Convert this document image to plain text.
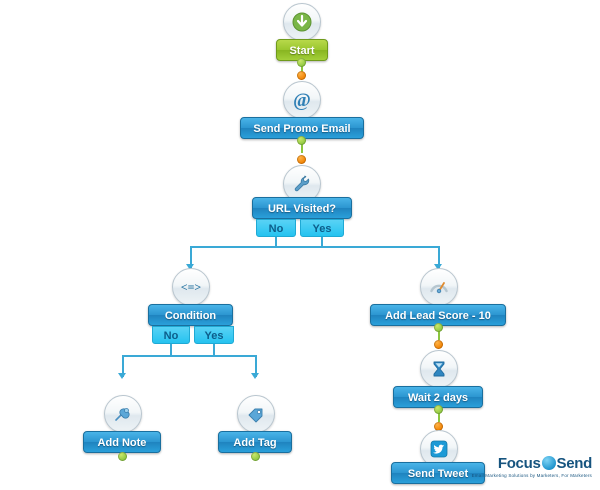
Start
@
Send Promo Email
URL Visited?
No	Yes
<=>
Condition
No	Yes
Add Note	Add Tag
Add Lead Score - 10
Wait 2 days
Send Tweet
Focus Send
Email Marketing Solutions by Marketers, For Marketers
